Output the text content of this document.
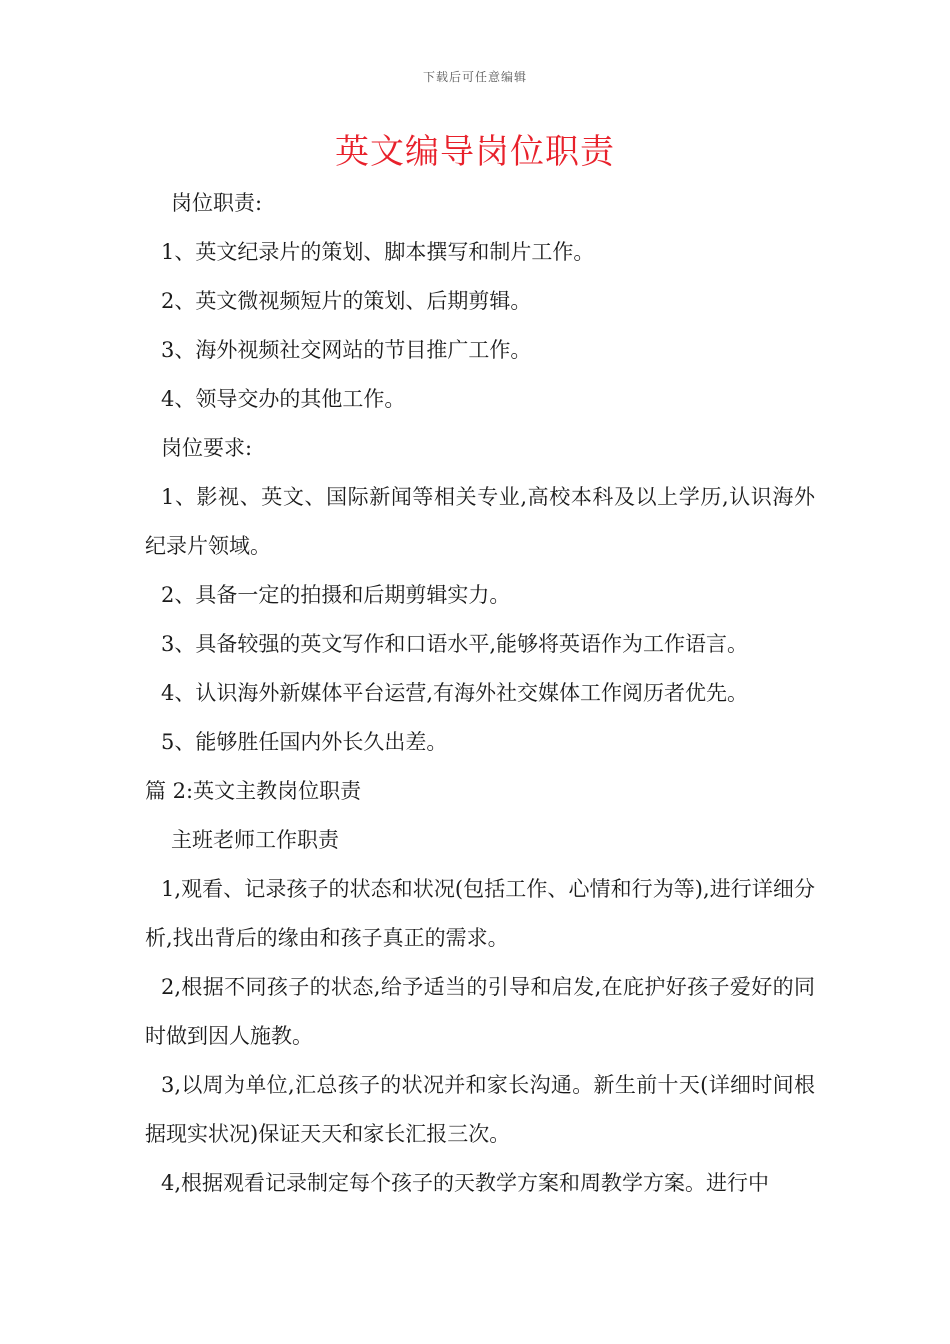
下载后可任意编辑
英文编导岗位职责

岗位职责:

1、英文纪录片的策划、脚本撰写和制片工作。

2、英文微视频短片的策划、后期剪辑。

3、海外视频社交网站的节目推广工作。

4、领导交办的其他工作。

岗位要求:

1、影视、英文、国际新闻等相关专业,高校本科及以上学历,认识海外纪录片领域。

2、具备一定的拍摄和后期剪辑实力。

3、具备较强的英文写作和口语水平,能够将英语作为工作语言。

4、认识海外新媒体平台运营,有海外社交媒体工作阅历者优先。

5、能够胜任国内外长久出差。

篇 2:英文主教岗位职责

主班老师工作职责

1,观看、记录孩子的状态和状况(包括工作、心情和行为等),进行详细分析,找出背后的缘由和孩子真正的需求。

2,根据不同孩子的状态,给予适当的引导和启发,在庇护好孩子爱好的同时做到因人施教。

3,以周为单位,汇总孩子的状况并和家长沟通。新生前十天(详细时间根据现实状况)保证天天和家长汇报三次。

4,根据观看记录制定每个孩子的天教学方案和周教学方案。进行中
